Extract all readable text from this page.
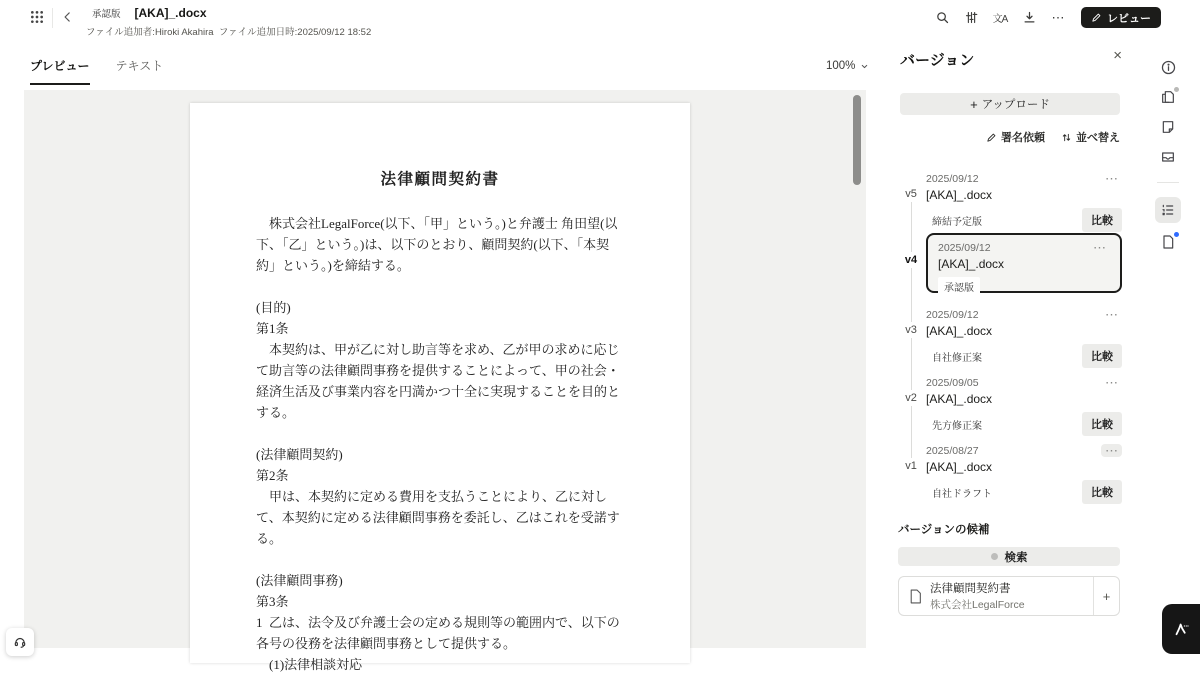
承認版	[AKA]_.docx
ファイル追加者:Hiroki Akahira  ファイル追加日時:2025/09/12 18:52
文A	⋯	レビュー
プレビュー テキスト	100%
法律顧問契約書

株式会社LegalForce(以下、「甲」という。)と弁護士 角田望(以下、「乙」という。)は、以下のとおり、顧問契約(以下、「本契約」という。)を締結する。

(目的)

第1条

本契約は、甲が乙に対し助言等を求め、乙が甲の求めに応じて助言等の法律顧問事務を提供することによって、甲の社会・経済生活及び事業内容を円満かつ十全に実現することを目的とする。

(法律顧問契約)

第2条

甲は、本契約に定める費用を支払うことにより、乙に対して、本契約に定める法律顧問事務を委託し、乙はこれを受諾する。

(法律顧問事務)

第3条

1  乙は、法令及び弁護士会の定める規則等の範囲内で、以下の各号の役務を法律顧問事務として提供する。

(1)法律相談対応

バージョン	×
+ アップロード
署名依頼	並べ替え
v5
2025/09/12	⋯
[AKA]_.docx
締結予定版	比較
v4
2025/09/12	⋯
[AKA]_.docx
承認版
v3
2025/09/12	⋯
[AKA]_.docx
自社修正案	比較
v2
2025/09/05	⋯
[AKA]_.docx
先方修正案	比較
v1
2025/08/27	⋯
[AKA]_.docx
自社ドラフト	比較
バージョンの候補
検索
法律顧問契約書
株式会社LegalForce
+
